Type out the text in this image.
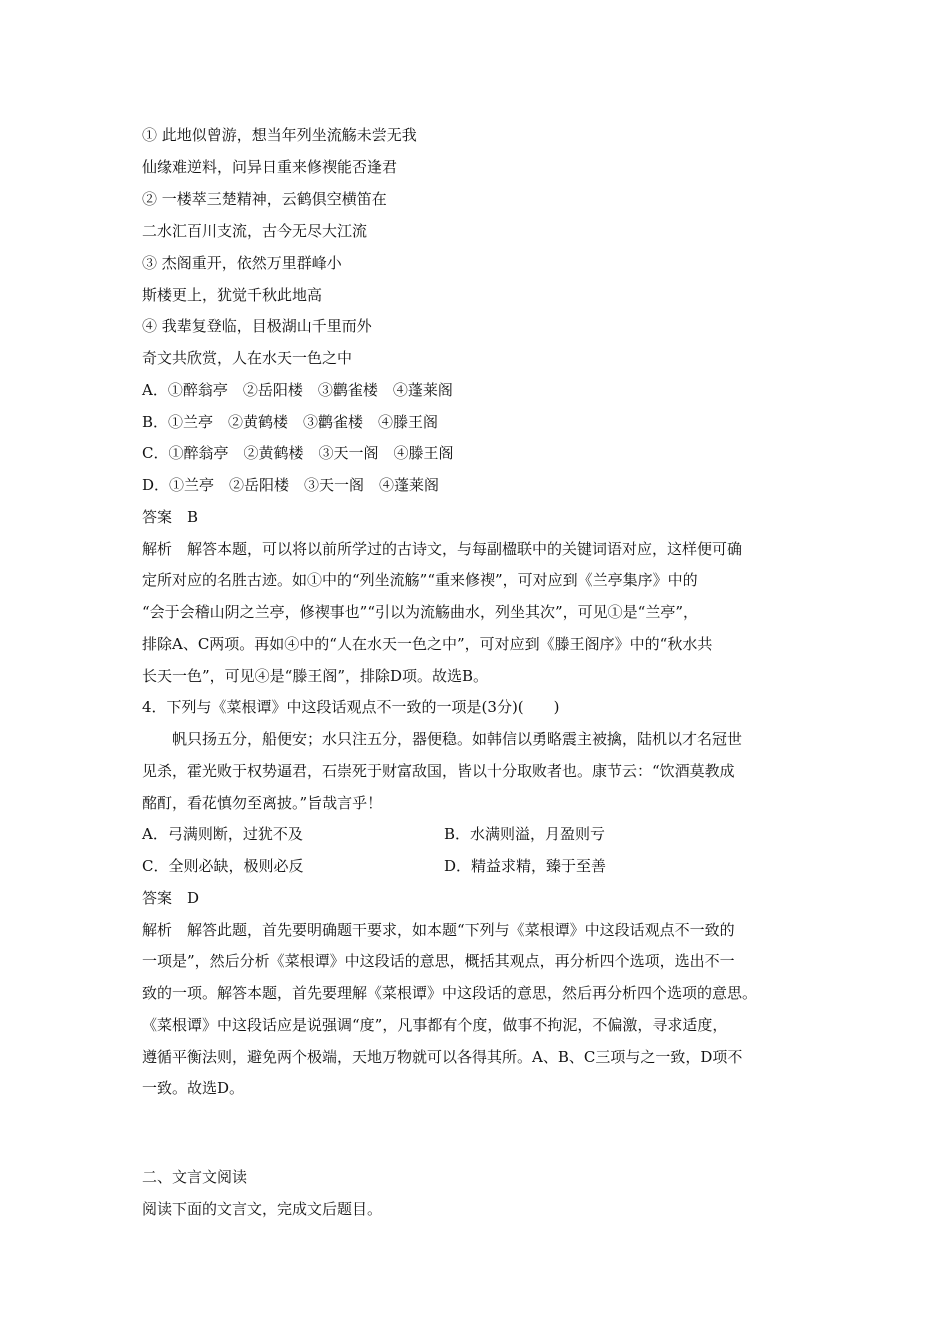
① 此地似曾游，想当年列坐流觞未尝无我
仙缘难逆料，问异日重来修禊能否逢君
② 一楼萃三楚精神，云鹤俱空横笛在
二水汇百川支流，古今无尽大江流
③ 杰阁重开，依然万里群峰小
斯楼更上，犹觉千秋此地高
④ 我辈复登临，目极湖山千里而外
奇文共欣赏，人在水天一色之中
A．①醉翁亭　②岳阳楼　③鹳雀楼　④蓬莱阁
B．①兰亭　②黄鹤楼　③鹳雀楼　④滕王阁
C．①醉翁亭　②黄鹤楼　③天一阁　④滕王阁
D．①兰亭　②岳阳楼　③天一阁　④蓬莱阁
答案　B
解析　解答本题，可以将以前所学过的古诗文，与每副楹联中的关键词语对应，这样便可确
定所对应的名胜古迹。如①中的“列坐流觞”“重来修禊”，可对应到《兰亭集序》中的
“会于会稽山阴之兰亭，修禊事也”“引以为流觞曲水，列坐其次”，可见①是“兰亭”，
排除A、C两项。再如④中的“人在水天一色之中”，可对应到《滕王阁序》中的“秋水共
长天一色”，可见④是“滕王阁”，排除D项。故选B。
4．下列与《菜根谭》中这段话观点不一致的一项是(3分)(　　)
帆只扬五分，船便安；水只注五分，器便稳。如韩信以勇略震主被擒，陆机以才名冠世
见杀，霍光败于权势逼君，石崇死于财富敌国，皆以十分取败者也。康节云：“饮酒莫教成
酩酊，看花慎勿至离披。”旨哉言乎！
A．弓满则断，过犹不及	B．水满则溢，月盈则亏
C．全则必缺，极则必反	D．精益求精，臻于至善
答案　D
解析　解答此题，首先要明确题干要求，如本题“下列与《菜根谭》中这段话观点不一致的
一项是”，然后分析《菜根谭》中这段话的意思，概括其观点，再分析四个选项，选出不一
致的一项。解答本题，首先要理解《菜根谭》中这段话的意思，然后再分析四个选项的意思。
《菜根谭》中这段话应是说强调“度”，凡事都有个度，做事不拘泥，不偏激，寻求适度，
遵循平衡法则，避免两个极端，天地万物就可以各得其所。A、B、C三项与之一致，D项不
一致。故选D。
二、文言文阅读
阅读下面的文言文，完成文后题目。
